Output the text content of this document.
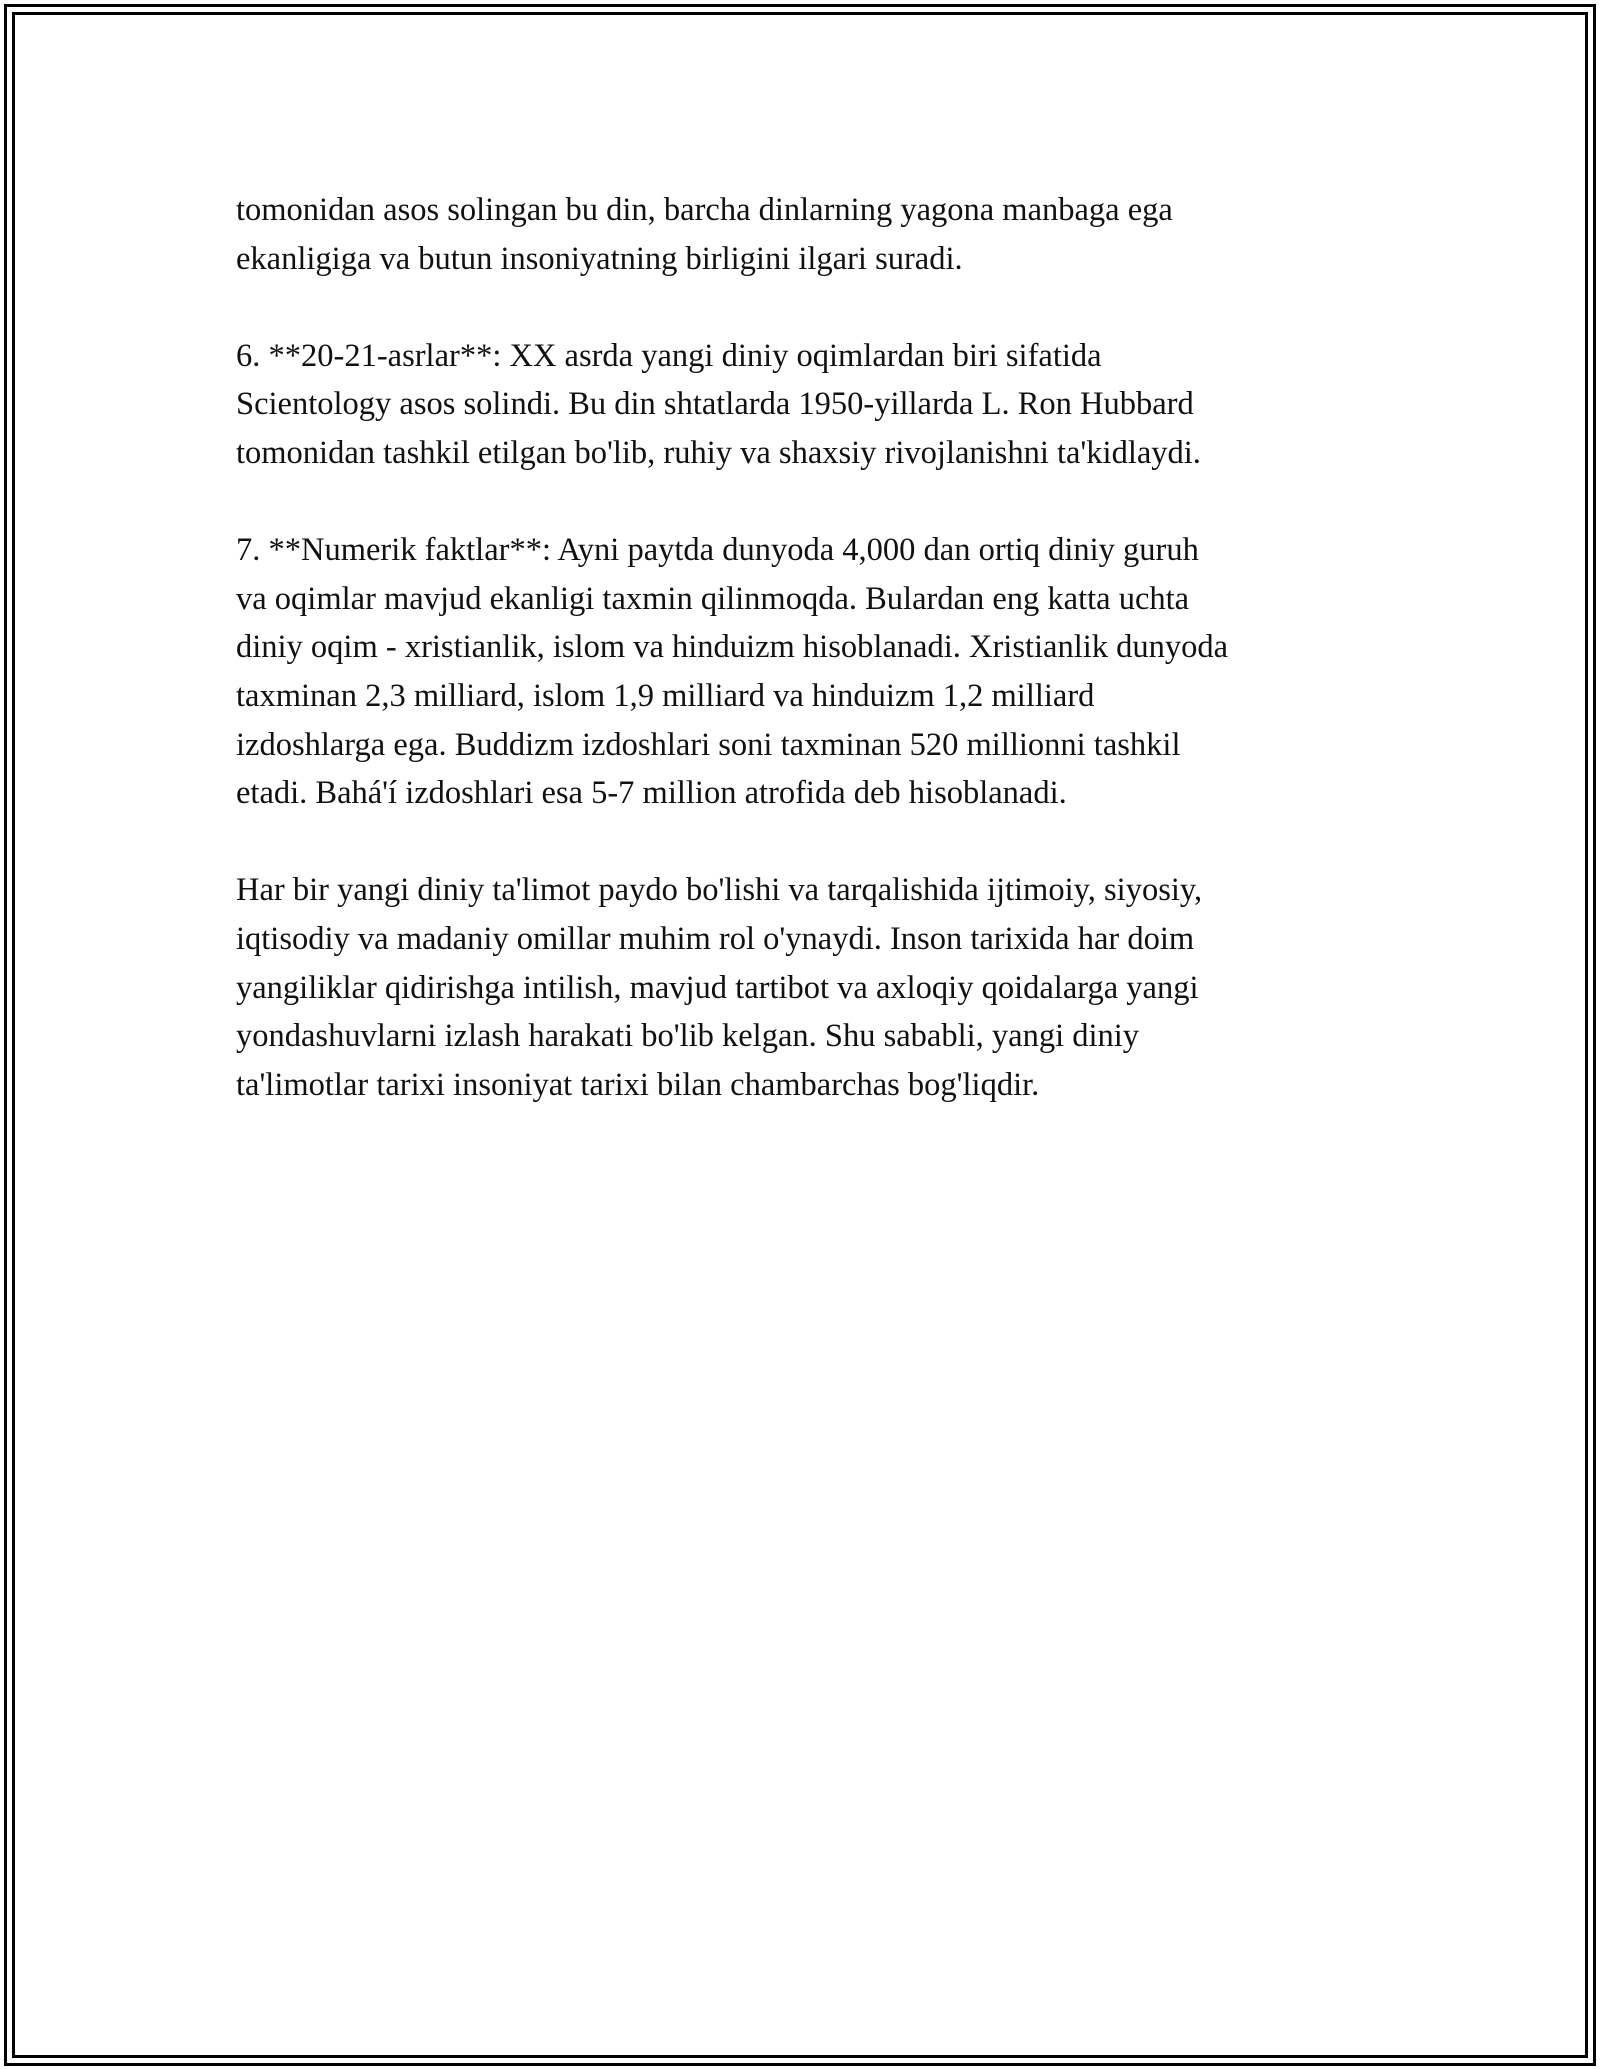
tomonidan asos solingan bu din, barcha dinlarning yagona manbaga ega
ekanligiga va butun insoniyatning birligini ilgari suradi.

6. **20-21-asrlar**: XX asrda yangi diniy oqimlardan biri sifatida
Scientology asos solindi. Bu din shtatlarda 1950-yillarda L. Ron Hubbard
tomonidan tashkil etilgan bo'lib, ruhiy va shaxsiy rivojlanishni ta'kidlaydi.

7. **Numerik faktlar**: Ayni paytda dunyoda 4,000 dan ortiq diniy guruh
va oqimlar mavjud ekanligi taxmin qilinmoqda. Bulardan eng katta uchta
diniy oqim - xristianlik, islom va hinduizm hisoblanadi. Xristianlik dunyoda
taxminan 2,3 milliard, islom 1,9 milliard va hinduizm 1,2 milliard
izdoshlarga ega. Buddizm izdoshlari soni taxminan 520 millionni tashkil
etadi. Bahá'í izdoshlari esa 5-7 million atrofida deb hisoblanadi.

Har bir yangi diniy ta'limot paydo bo'lishi va tarqalishida ijtimoiy, siyosiy,
iqtisodiy va madaniy omillar muhim rol o'ynaydi. Inson tarixida har doim
yangiliklar qidirishga intilish, mavjud tartibot va axloqiy qoidalarga yangi
yondashuvlarni izlash harakati bo'lib kelgan. Shu sababli, yangi diniy
ta'limotlar tarixi insoniyat tarixi bilan chambarchas bog'liqdir.
